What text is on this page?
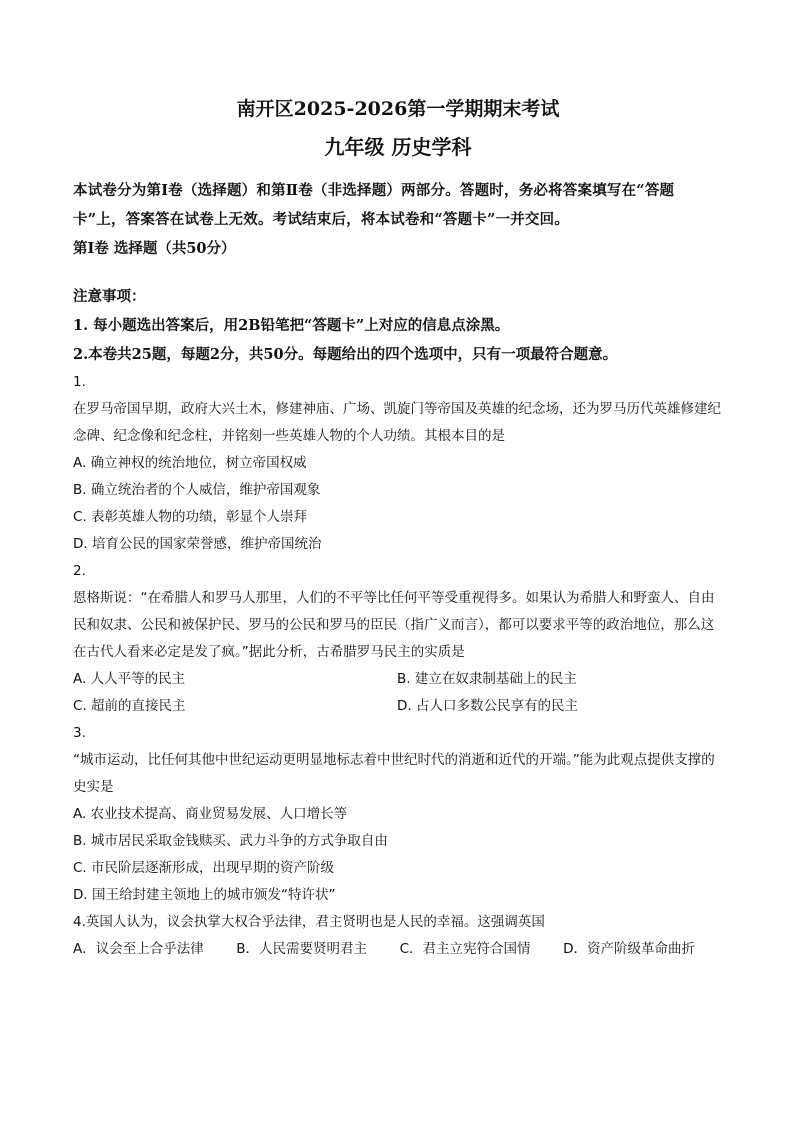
南开区2025-2026第一学期期末考试
九年级 历史学科
本试卷分为第Ⅰ卷（选择题）和第Ⅱ卷（非选择题）两部分。答题时，务必将答案填写在“答题卡”上，答案答在试卷上无效。考试结束后，将本试卷和“答题卡”一并交回。
第Ⅰ卷 选择题（共50分）
注意事项：
1. 每小题选出答案后，用2B铅笔把“答题卡”上对应的信息点涂黑。
2.本卷共25题，每题2分，共50分。每题给出的四个选项中，只有一项最符合题意。
1.
在罗马帝国早期，政府大兴土木，修建神庙、广场、凯旋门等帝国及英雄的纪念场，还为罗马历代英雄修建纪念碑、纪念像和纪念柱，并铭刻一些英雄人物的个人功绩。其根本目的是
A. 确立神权的统治地位，树立帝国权威
B. 确立统治者的个人威信，维护帝国观象
C. 表彰英雄人物的功绩，彰显个人崇拜
D. 培育公民的国家荣誉感，维护帝国统治
2.
恩格斯说：“在希腊人和罗马人那里，人们的不平等比任何平等受重视得多。如果认为希腊人和野蛮人、自由民和奴隶、公民和被保护民、罗马的公民和罗马的臣民（指广义而言），都可以要求平等的政治地位，那么这在古代人看来必定是发了疯。”据此分析，古希腊罗马民主的实质是
A. 人人平等的民主	B. 建立在奴隶制基础上的民主
C. 超前的直接民主	D. 占人口多数公民享有的民主
3.
“城市运动，比任何其他中世纪运动更明显地标志着中世纪时代的消逝和近代的开端。”能为此观点提供支撑的史实是
A. 农业技术提高、商业贸易发展、人口增长等
B. 城市居民采取金钱赎买、武力斗争的方式争取自由
C. 市民阶层逐渐形成，出现早期的资产阶级
D. 国王给封建主领地上的城市颁发“特许状”
4.英国人认为，议会执掌大权合乎法律，君主贤明也是人民的幸福。这强调英国
A．议会至上合乎法律 B．人民需要贤明君主 C．君主立宪符合国情 D．资产阶级革命曲折
